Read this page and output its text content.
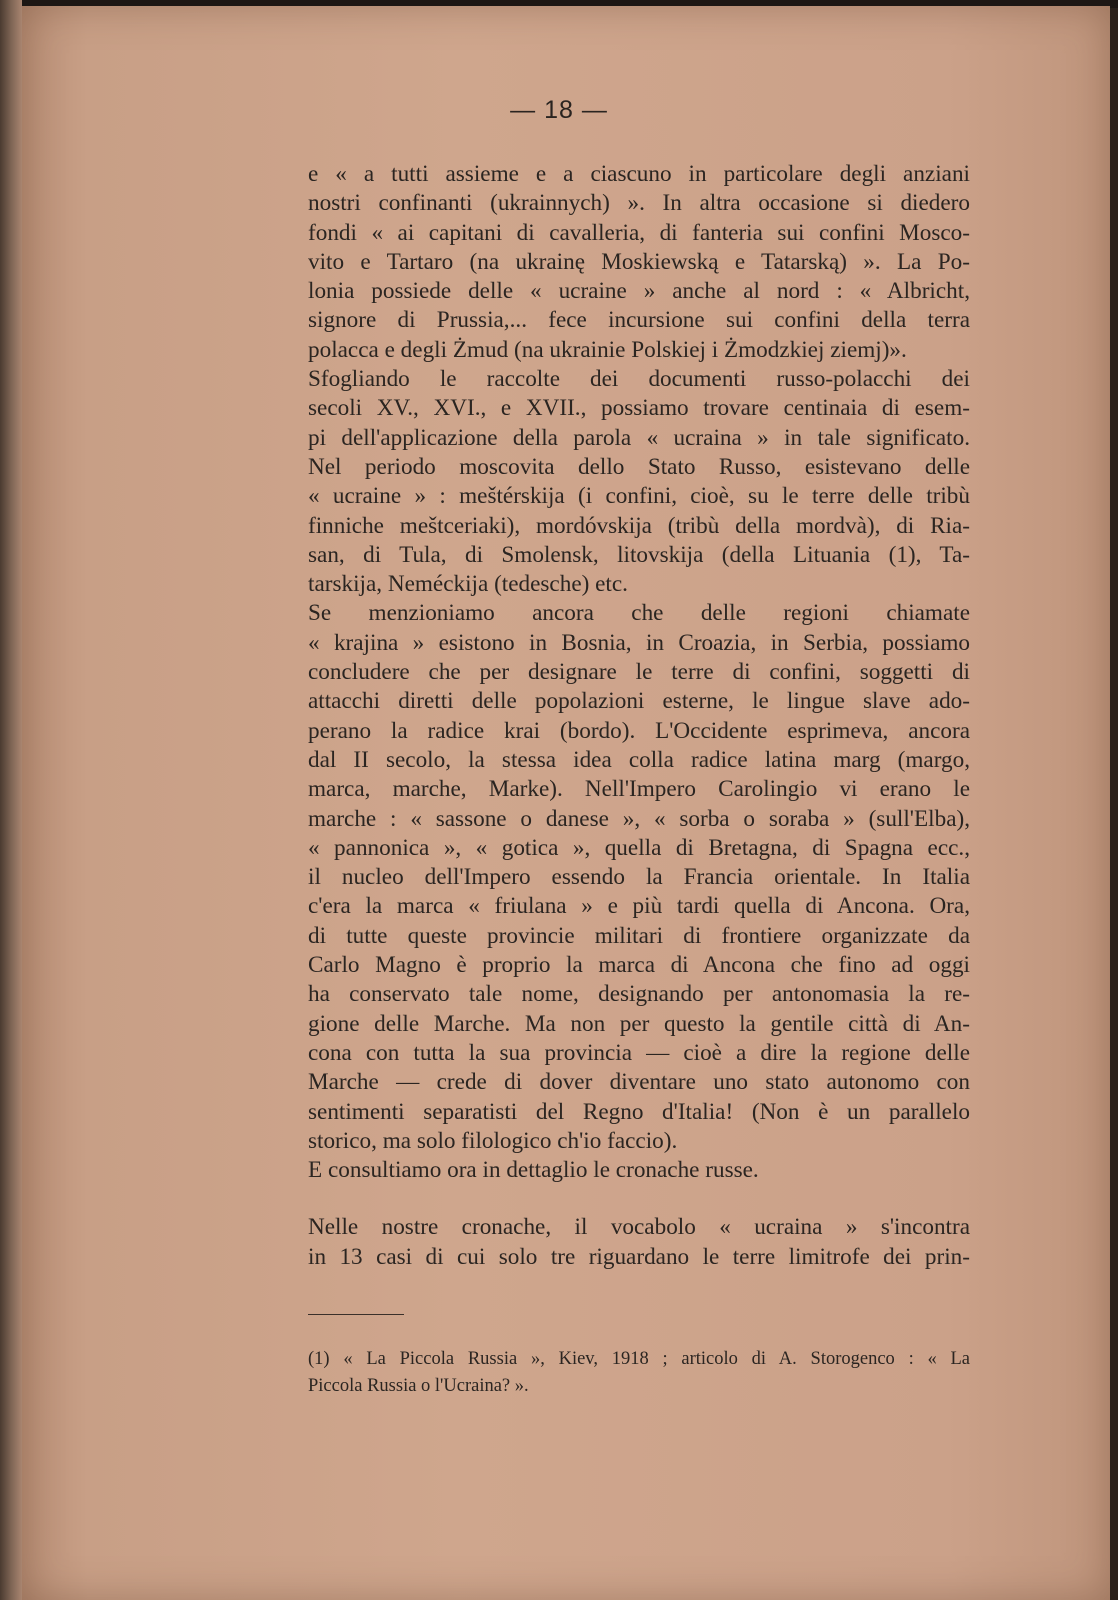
— 18 —
e « a tutti assieme e a ciascuno in particolare degli anziani
nostri confinanti (ukrainnych) ». In altra occasione si diedero
fondi « ai capitani di cavalleria, di fanteria sui confini Mosco-
vito e Tartaro (na ukrainę Moskiewską e Tatarską) ». La Po-
lonia possiede delle « ucraine » anche al nord : « Albricht,
signore di Prussia,... fece incursione sui confini della terra
polacca e degli Żmud (na ukrainie Polskiej i Żmodzkiej ziemj)».
Sfogliando le raccolte dei documenti russo-polacchi dei
secoli XV., XVI., e XVII., possiamo trovare centinaia di esem-
pi dell'applicazione della parola « ucraina » in tale significato.
Nel periodo moscovita dello Stato Russo, esistevano delle
« ucraine » : meštérskija (i confini, cioè, su le terre delle tribù
finniche meštceriaki), mordóvskija (tribù della mordvà), di Ria-
san, di Tula, di Smolensk, litovskija (della Lituania (1), Ta-
tarskija, Neméckija (tedesche) etc.
Se menzioniamo ancora che delle regioni chiamate
« krajina » esistono in Bosnia, in Croazia, in Serbia, possiamo
concludere che per designare le terre di confini, soggetti di
attacchi diretti delle popolazioni esterne, le lingue slave ado-
perano la radice krai (bordo). L'Occidente esprimeva, ancora
dal II secolo, la stessa idea colla radice latina marg (margo,
marca, marche, Marke). Nell'Impero Carolingio vi erano le
marche : « sassone o danese », « sorba o soraba » (sull'Elba),
« pannonica », « gotica », quella di Bretagna, di Spagna ecc.,
il nucleo dell'Impero essendo la Francia orientale. In Italia
c'era la marca « friulana » e più tardi quella di Ancona. Ora,
di tutte queste provincie militari di frontiere organizzate da
Carlo Magno è proprio la marca di Ancona che fino ad oggi
ha conservato tale nome, designando per antonomasia la re-
gione delle Marche. Ma non per questo la gentile città di An-
cona con tutta la sua provincia — cioè a dire la regione delle
Marche — crede di dover diventare uno stato autonomo con
sentimenti separatisti del Regno d'Italia! (Non è un parallelo
storico, ma solo filologico ch'io faccio).
E consultiamo ora in dettaglio le cronache russe.
Nelle nostre cronache, il vocabolo « ucraina » s'incontra
in 13 casi di cui solo tre riguardano le terre limitrofe dei prin-
(1) « La Piccola Russia », Kiev, 1918 ; articolo di A. Storogenco : « La
Piccola Russia o l'Ucraina? ».
